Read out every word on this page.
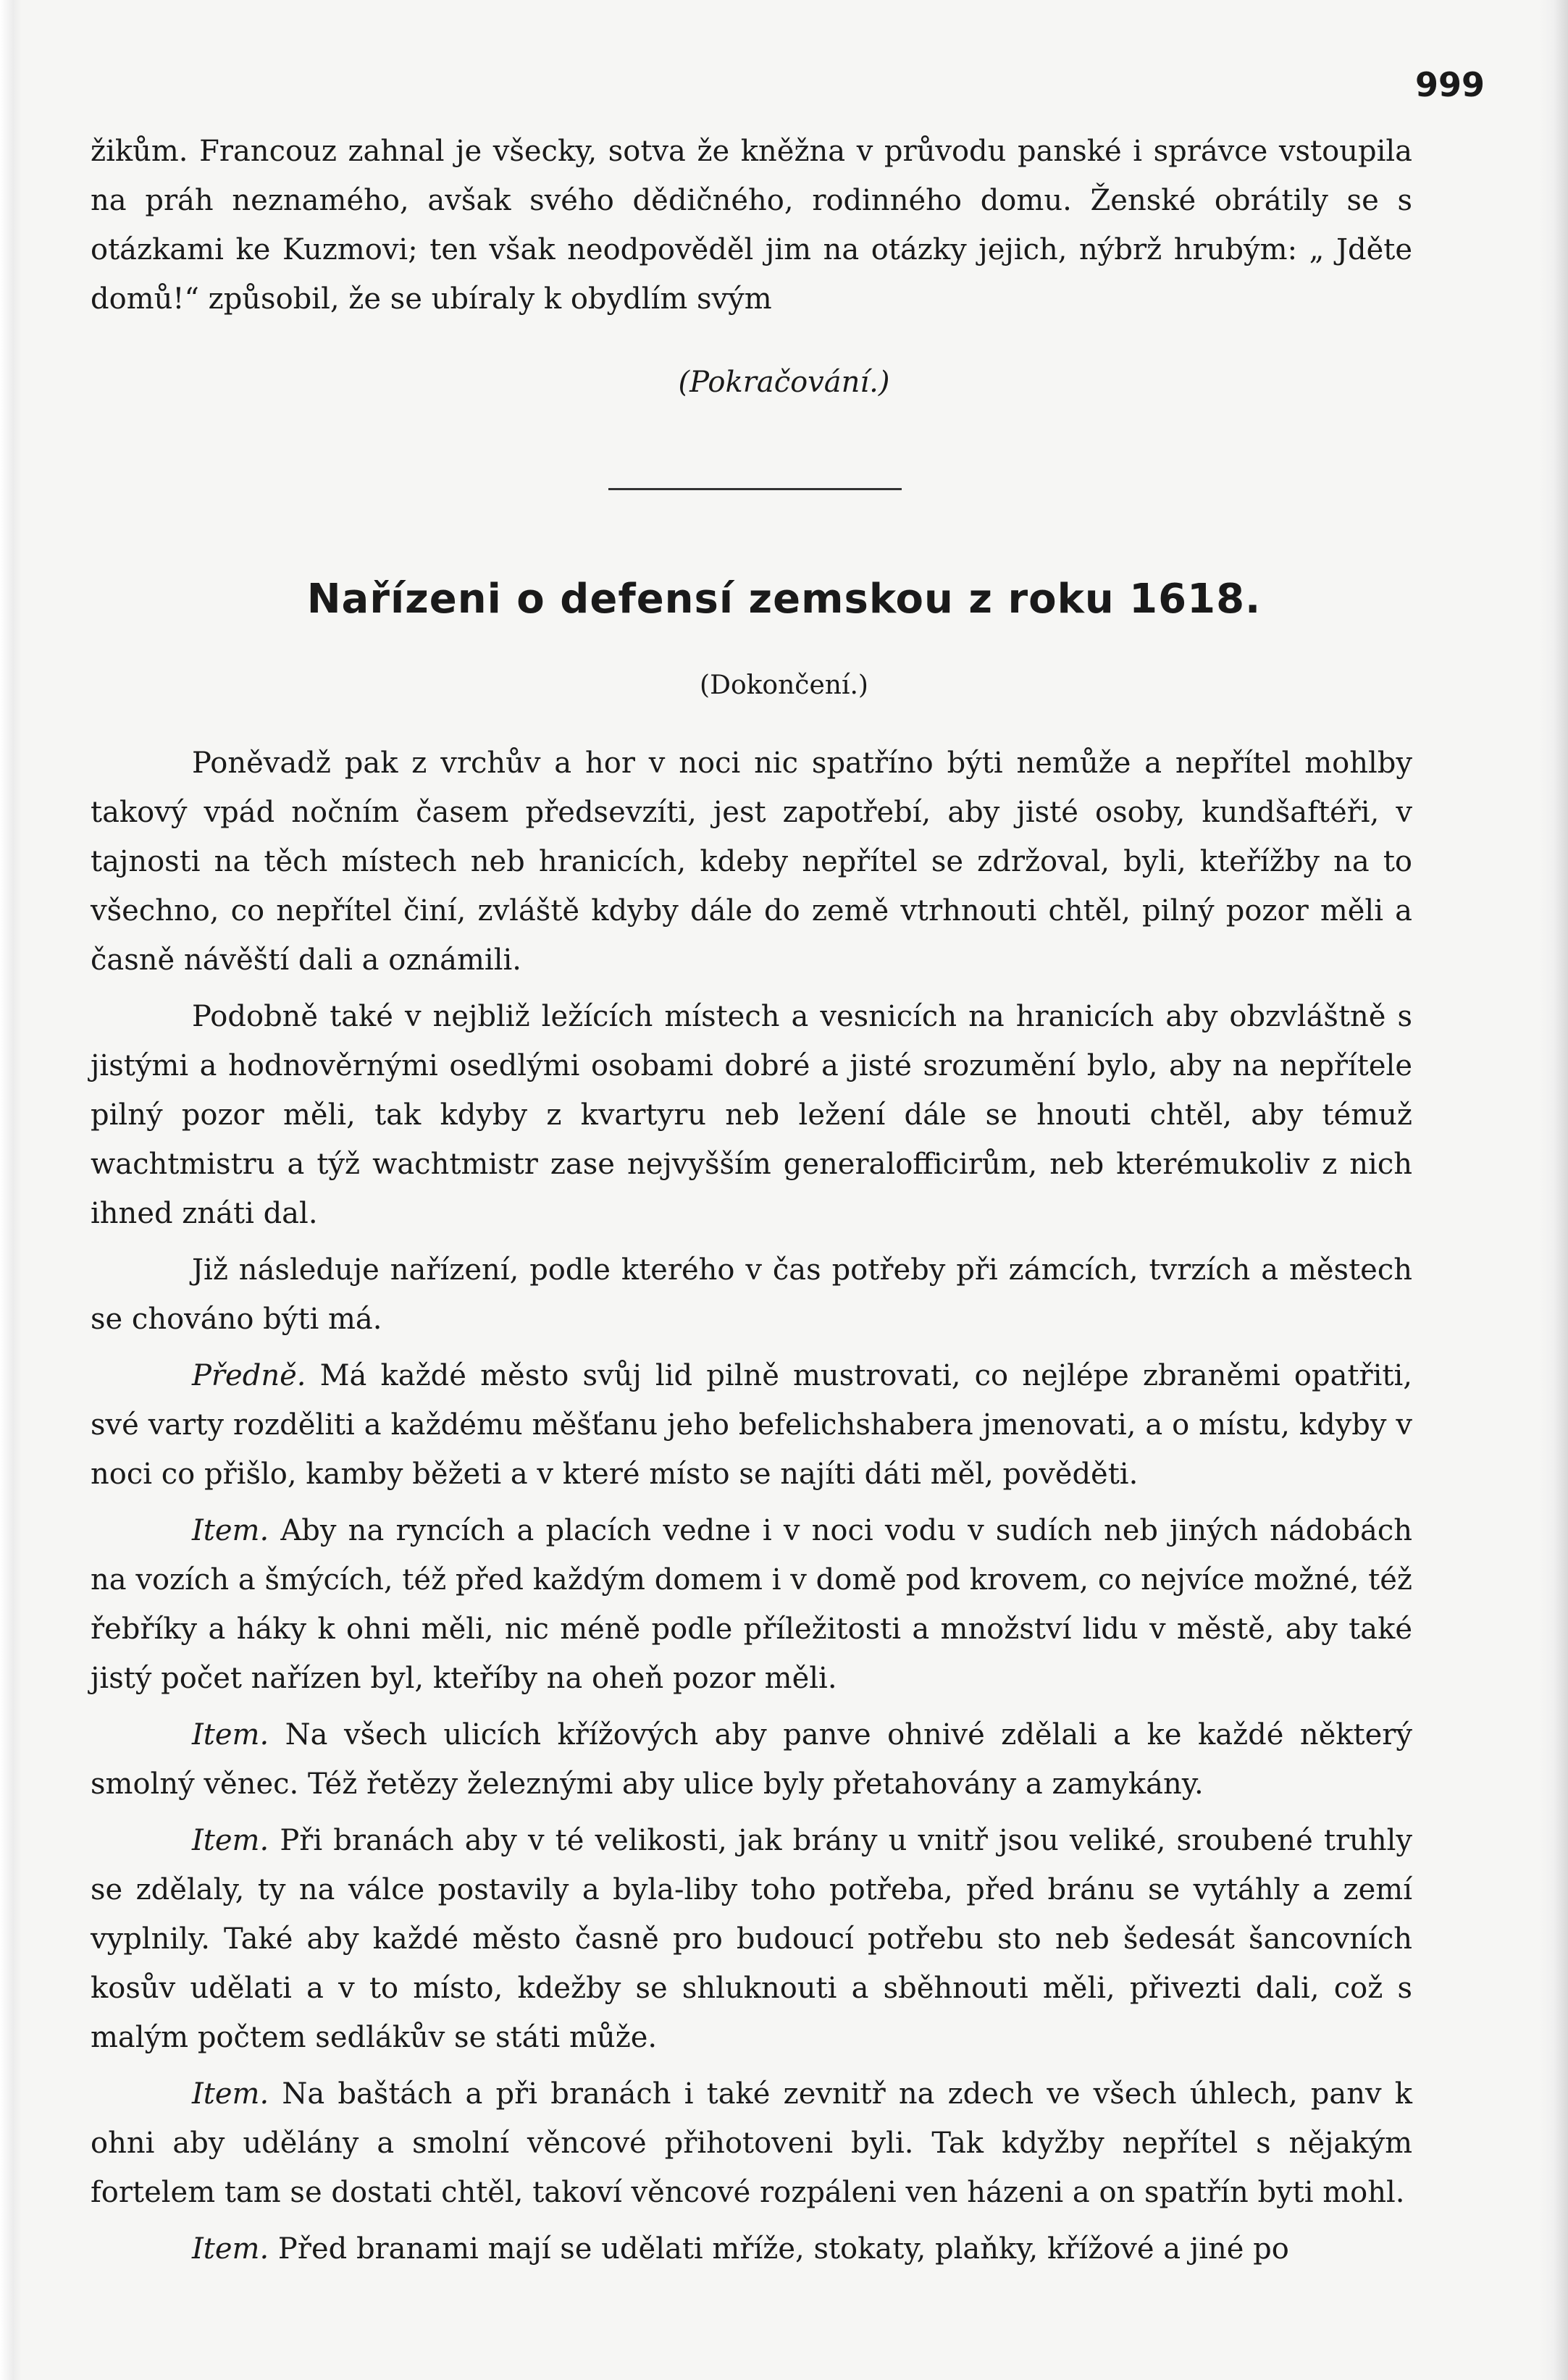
999

žikům. Francouz zahnal je všecky, sotva že kněžna v průvodu panské i správce vstoupila na práh neznamého, avšak svého dědičného, rodinného domu. Ženské obrátily se s otázkami ke Kuzmovi; ten však neodpověděl jim na otázky jejich, nýbrž hrubým: „ Jděte domů!“ způsobil, že se ubíraly k obydlím svým

(Pokračování.)
Nařízeni o defensí zemskou z roku 1618.
(Dokončení.)

Poněvadž pak z vrchův a hor v noci nic spatříno býti nemůže a nepřítel mohlby takový vpád nočním časem předsevzíti, jest zapotřebí, aby jisté osoby, kundšaftéři, v tajnosti na těch místech neb hranicích, kdeby nepřítel se zdržoval, byli, kteřížby na to všechno, co nepřítel činí, zvláště kdyby dále do země vtrhnouti chtěl, pilný pozor měli a časně návěští dali a oznámili.

Podobně také v nejbliž ležících místech a vesnicích na hranicích aby obzvláštně s jistými a hodnověrnými osedlými osobami dobré a jisté srozumění bylo, aby na nepřítele pilný pozor měli, tak kdyby z kvartyru neb ležení dále se hnouti chtěl, aby témuž wachtmistru a týž wachtmistr zase nejvyšším generalofficirům, neb kterémukoliv z nich ihned znáti dal.

Již následuje nařízení, podle kterého v čas potřeby při zámcích, tvrzích a městech se chováno býti má.

Předně. Má každé město svůj lid pilně mustrovati, co nejlépe zbraněmi opatřiti, své varty rozděliti a každému měšťanu jeho befelichshabera jmenovati, a o místu, kdyby v noci co přišlo, kamby běžeti a v které místo se najíti dáti měl, pověděti.

Item. Aby na ryncích a placích vedne i v noci vodu v sudích neb jiných nádobách na vozích a šmýcích, též před každým domem i v domě pod krovem, co nejvíce možné, též řebříky a háky k ohni měli, nic méně podle příležitosti a množství lidu v městě, aby také jistý počet nařízen byl, kteříby na oheň pozor měli.

Item. Na všech ulicích křížových aby panve ohnivé zdělali a ke každé některý smolný věnec. Též řetězy železnými aby ulice byly přetahovány a zamykány.

Item. Při branách aby v té velikosti, jak brány u vnitř jsou veliké, sroubené truhly se zdělaly, ty na válce postavily a byla-liby toho potřeba, před bránu se vytáhly a zemí vyplnily. Také aby každé město časně pro budoucí potřebu sto neb šedesát šancovních kosův udělati a v to místo, kdežby se shluknouti a sběhnouti měli, přivezti dali, což s malým počtem sedlákův se státi může.

Item. Na baštách a při branách i také zevnitř na zdech ve všech úhlech, panv k ohni aby udělány a smolní věncové přihotoveni byli. Tak kdyžby nepřítel s nějakým fortelem tam se dostati chtěl, takoví věncové rozpáleni ven házeni a on spatřín byti mohl.

Item. Před branami mají se udělati mříže, stokaty, plaňky, křížové a jiné po
